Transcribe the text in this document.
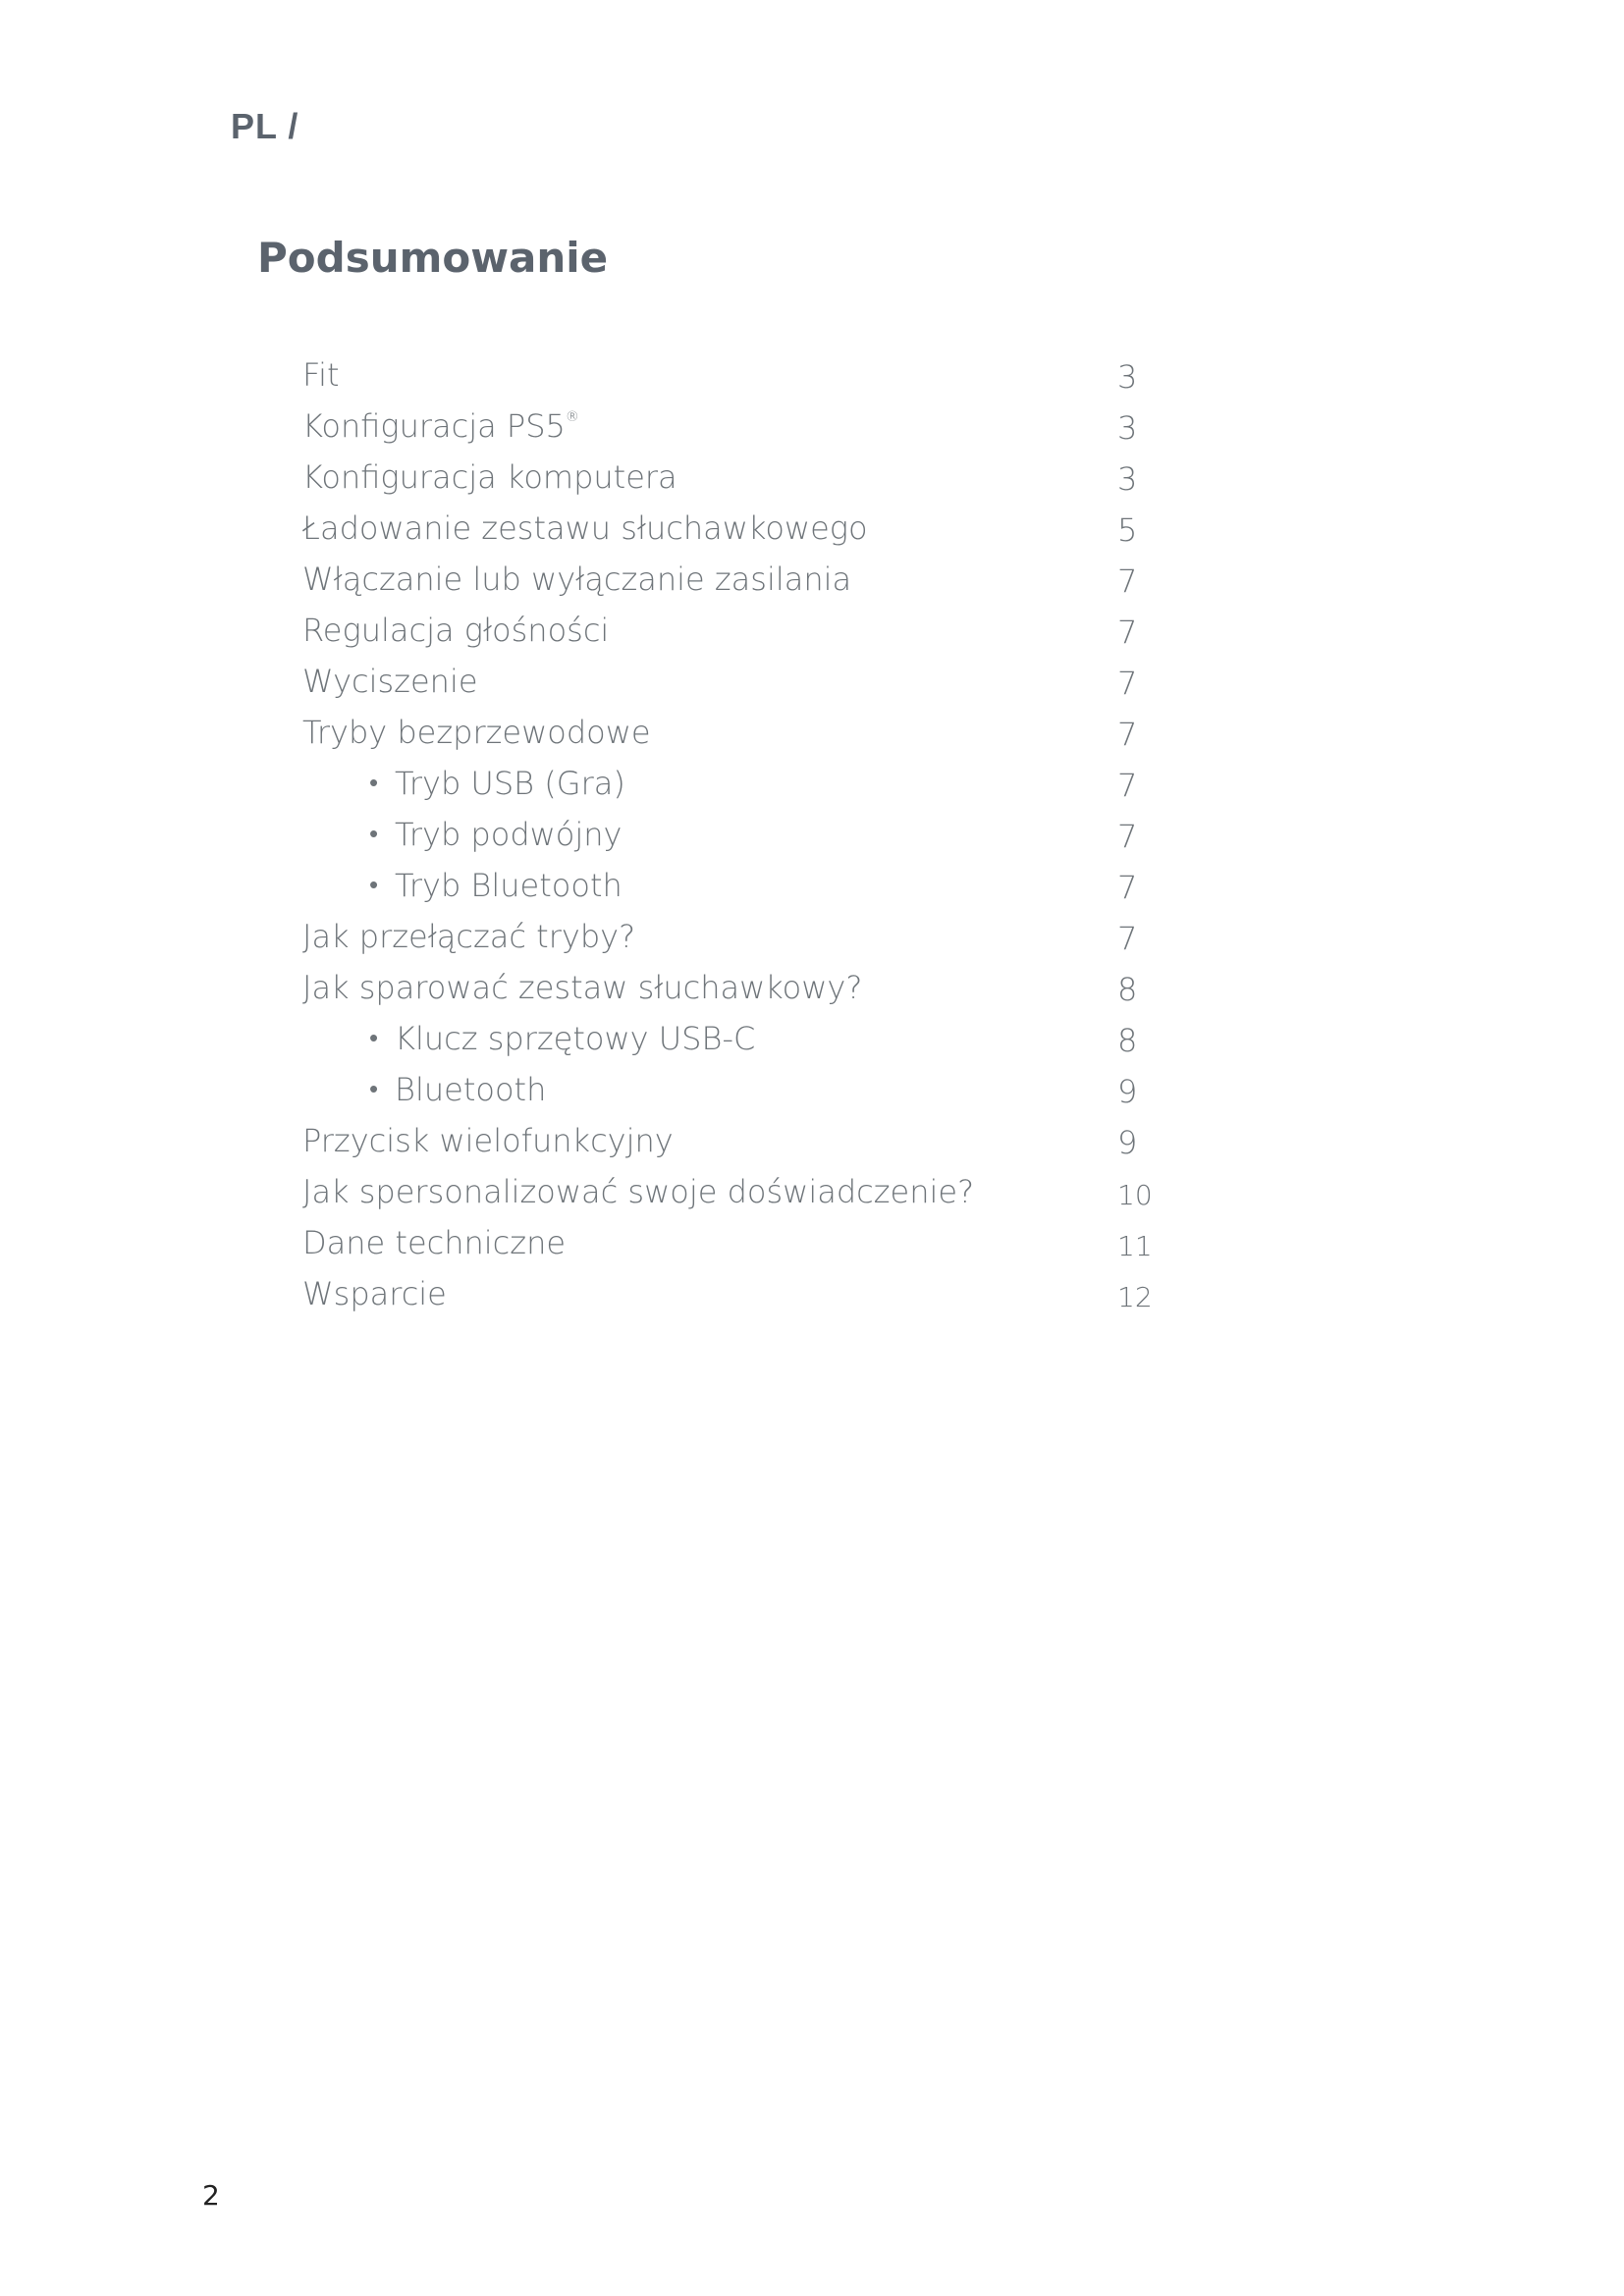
PL /
Podsumowanie
Fit	3
Konfiguracja PS5®	3
Konfiguracja komputera	3
Ładowanie zestawu słuchawkowego	5
Włączanie lub wyłączanie zasilania	7
Regulacja głośności	7
Wyciszenie	7
Tryby bezprzewodowe	7
• Tryb USB (Gra)	7
• Tryb podwójny	7
• Tryb Bluetooth	7
Jak przełączać tryby?	7
Jak sparować zestaw słuchawkowy?	8
• Klucz sprzętowy USB-C	8
• Bluetooth	9
Przycisk wielofunkcyjny	9
Jak spersonalizować swoje doświadczenie?	10
Dane techniczne	11
Wsparcie	12
2
